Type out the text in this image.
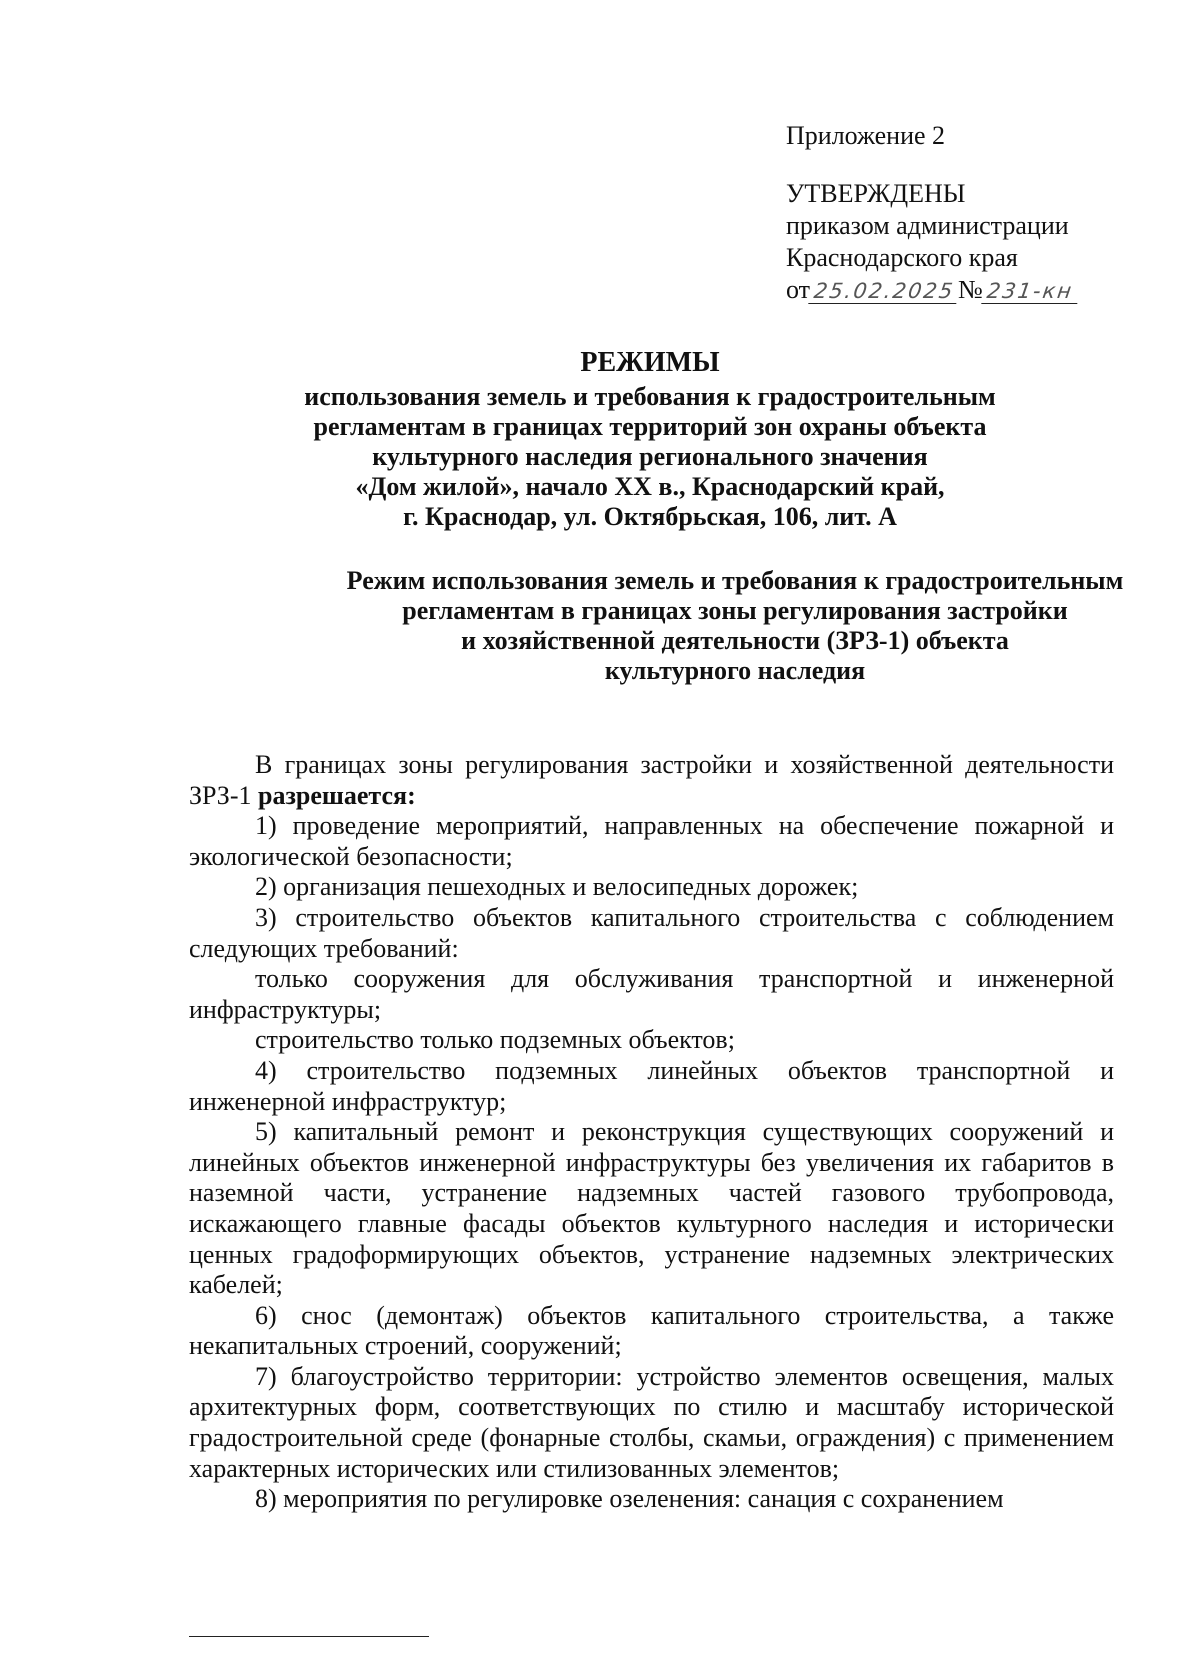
Приложение 2
УТВЕРЖДЕНЫ
приказом администрации
Краснодарского края
от 25.02.2025№ 231-кн
РЕЖИМЫ
использования земель и требования к градостроительным
регламентам в границах территорий зон охраны объекта
культурного наследия регионального значения
«Дом жилой», начало XX в., Краснодарский край,
г. Краснодар, ул. Октябрьская, 106, лит. А
Режим использования земель и требования к градостроительным
регламентам в границах зоны регулирования застройки
и хозяйственной деятельности (ЗРЗ-1) объекта
культурного наследия

В границах зоны регулирования застройки и хозяйственной деятельности ЗРЗ-1 разрешается:

1) проведение мероприятий, направленных на обеспечение пожарной и экологической безопасности;

2) организация пешеходных и велосипедных дорожек;

3) строительство объектов капитального строительства с соблюдением следующих требований:

только сооружения для обслуживания транспортной и инженерной инфраструктуры;

строительство только подземных объектов;

4) строительство подземных линейных объектов транспортной и инженерной инфраструктур;

5) капитальный ремонт и реконструкция существующих сооружений и линейных объектов инженерной инфраструктуры без увеличения их габаритов в наземной части, устранение надземных частей газового трубопровода, искажающего главные фасады объектов культурного наследия и исторически ценных градоформирующих объектов, устранение надземных электрических кабелей;

6) снос (демонтаж) объектов капитального строительства, а также некапитальных строений, сооружений;

7) благоустройство территории: устройство элементов освещения, малых архитектурных форм, соответствующих по стилю и масштабу исторической градостроительной среде (фонарные столбы, скамьи, ограждения) с применением характерных исторических или стилизованных элементов;

8) мероприятия по регулировке озеленения: санация с сохранением
